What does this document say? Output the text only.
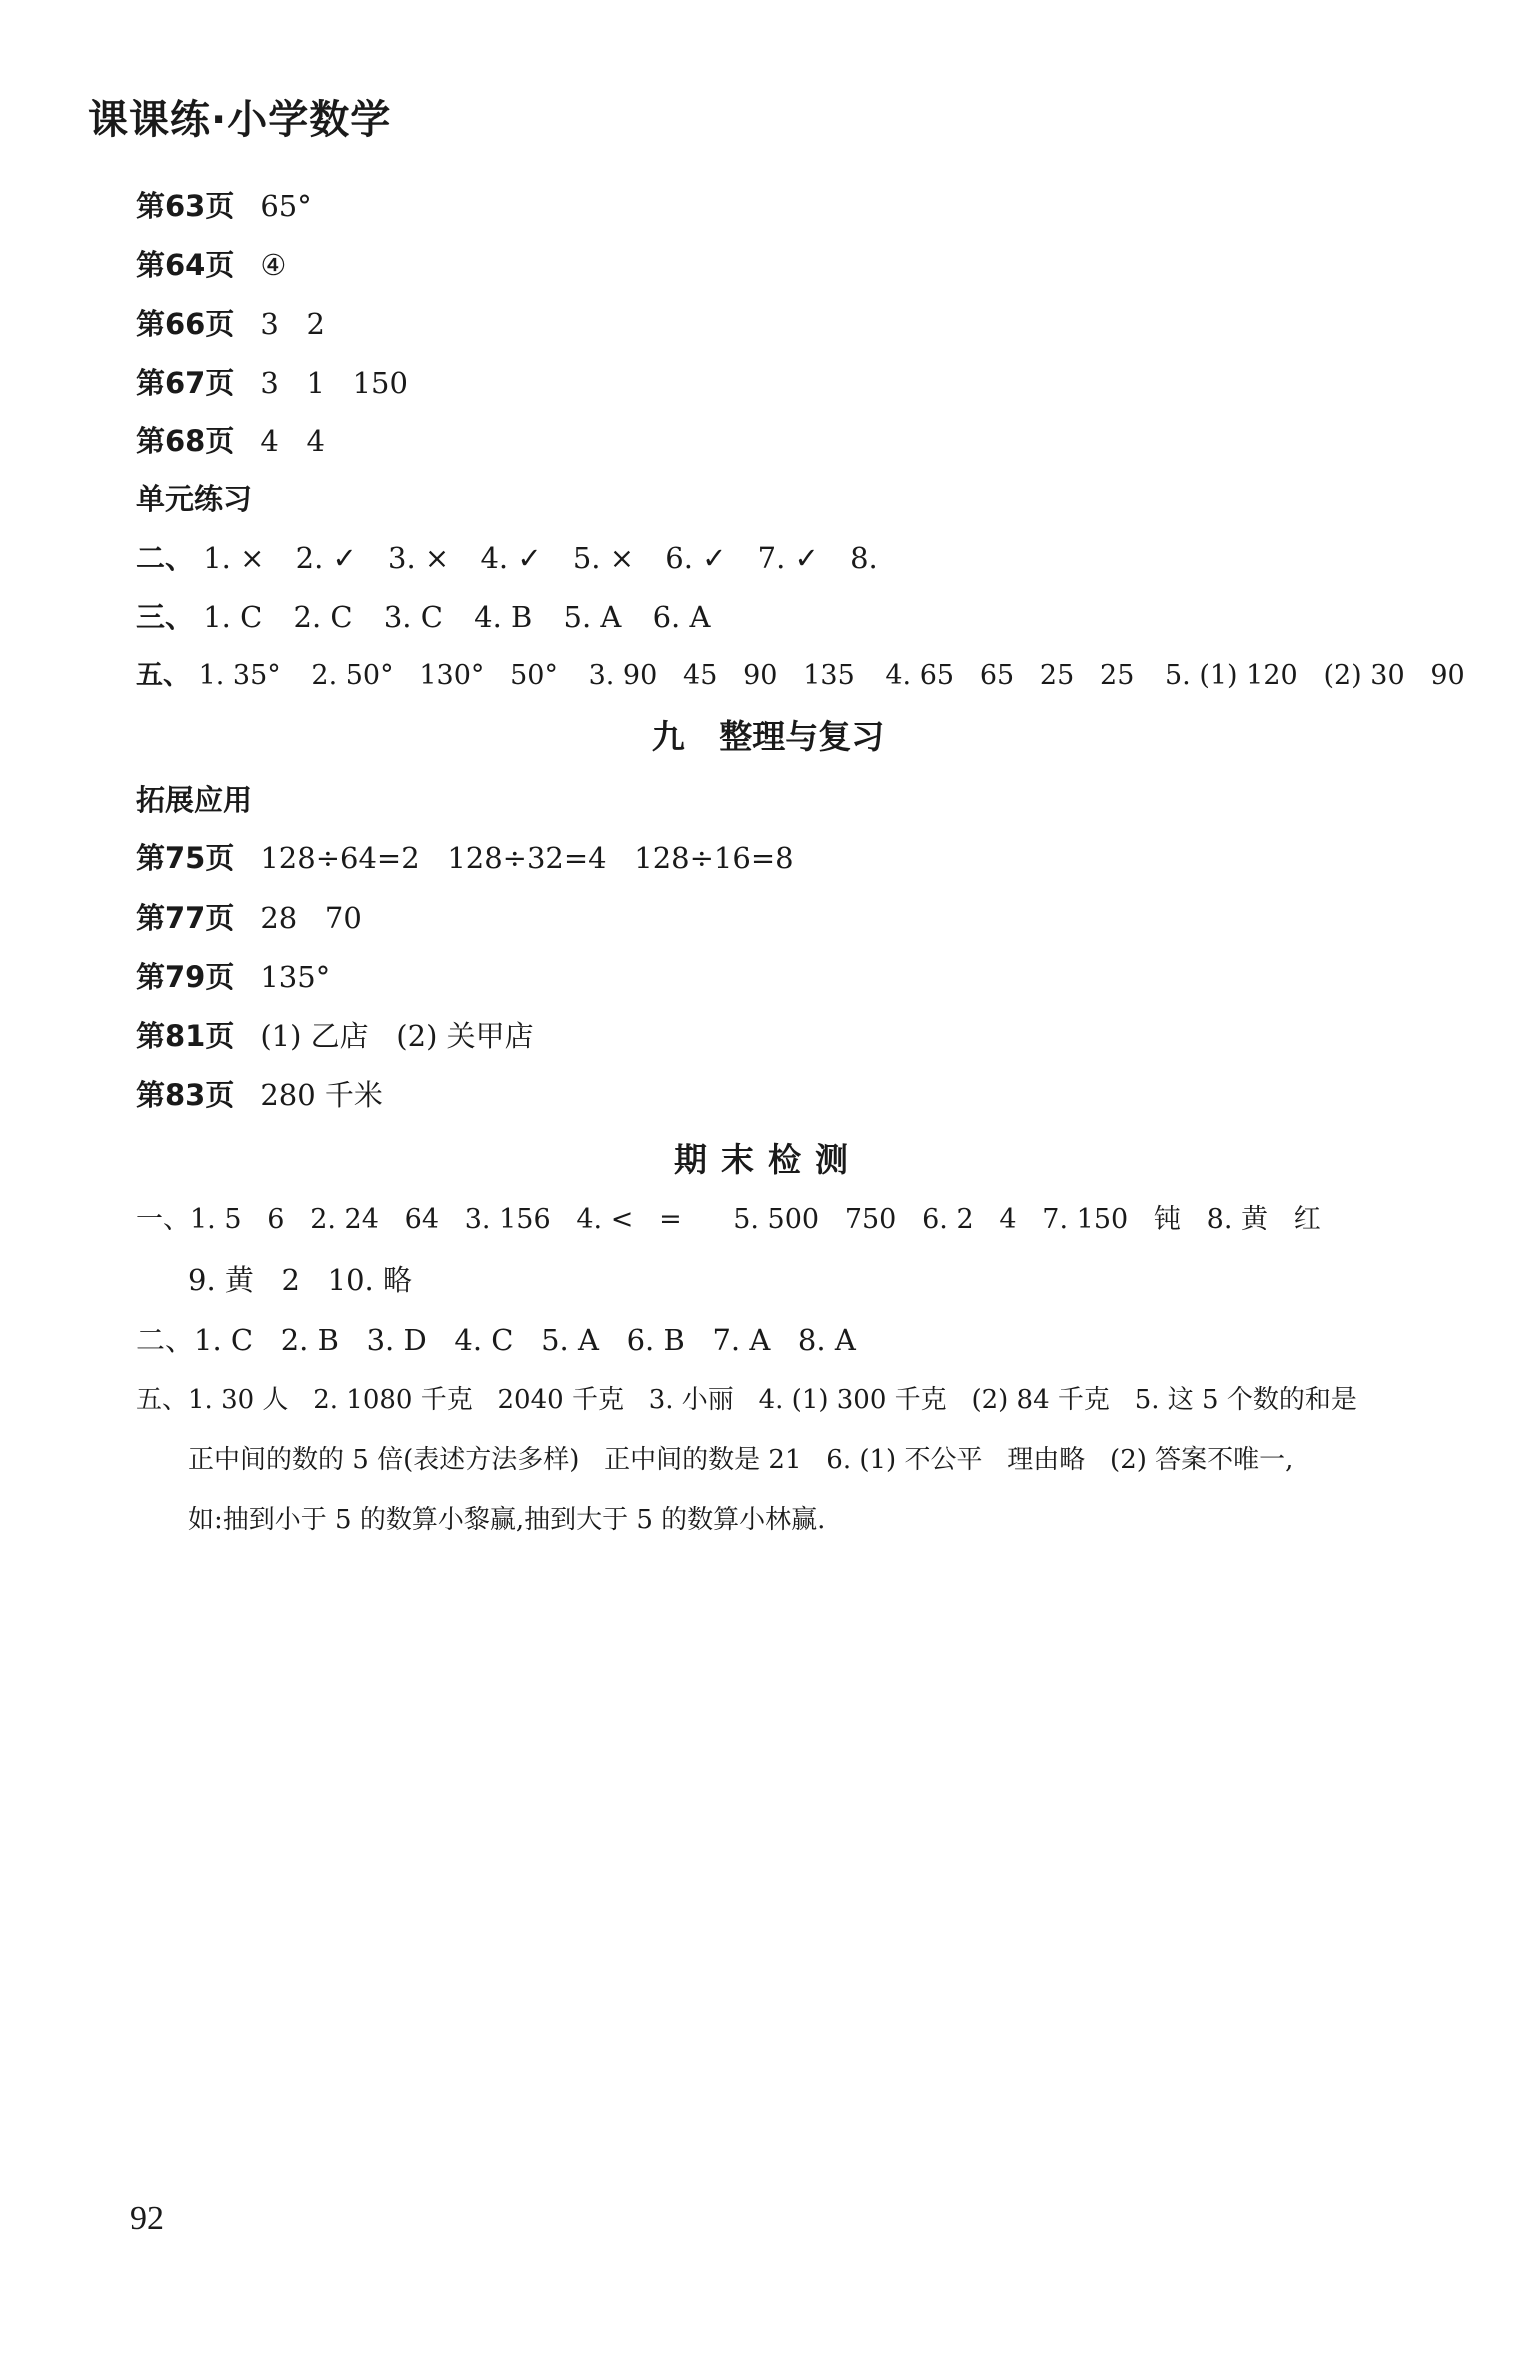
课课练·小学数学
第63页 65°
第64页 ④
第66页 3   2
第67页 3   1   150
第68页 4   4
单元练习
二、 1. × 2. ✓ 3. × 4. ✓ 5. × 6. ✓ 7. ✓ 8.
三、 1. C 2. C 3. C 4. B 5. A 6. A
五、 1. 35° 2. 50°   130°   50° 3. 90   45   90   135 4. 65   65   25   25 5. (1) 120   (2) 30   90
九   整理与复习
拓展应用
第75页 128÷64=2   128÷32=4   128÷16=8
第77页 28   70
第79页 135°
第81页 (1) 乙店   (2) 关甲店
第83页 280 千米
期末检测
一、1. 5   6   2. 24   64   3. 156   4. <   =      5. 500   750   6. 2   4   7. 150   钝   8. 黄   红
9. 黄   2   10. 略
二、1. C   2. B   3. D   4. C   5. A   6. B   7. A   8. A
五、1. 30 人   2. 1080 千克   2040 千克   3. 小丽   4. (1) 300 千克   (2) 84 千克   5. 这 5 个数的和是
正中间的数的 5 倍(表述方法多样)   正中间的数是 21   6. (1) 不公平   理由略   (2) 答案不唯一,
如:抽到小于 5 的数算小黎赢,抽到大于 5 的数算小林赢.
92
